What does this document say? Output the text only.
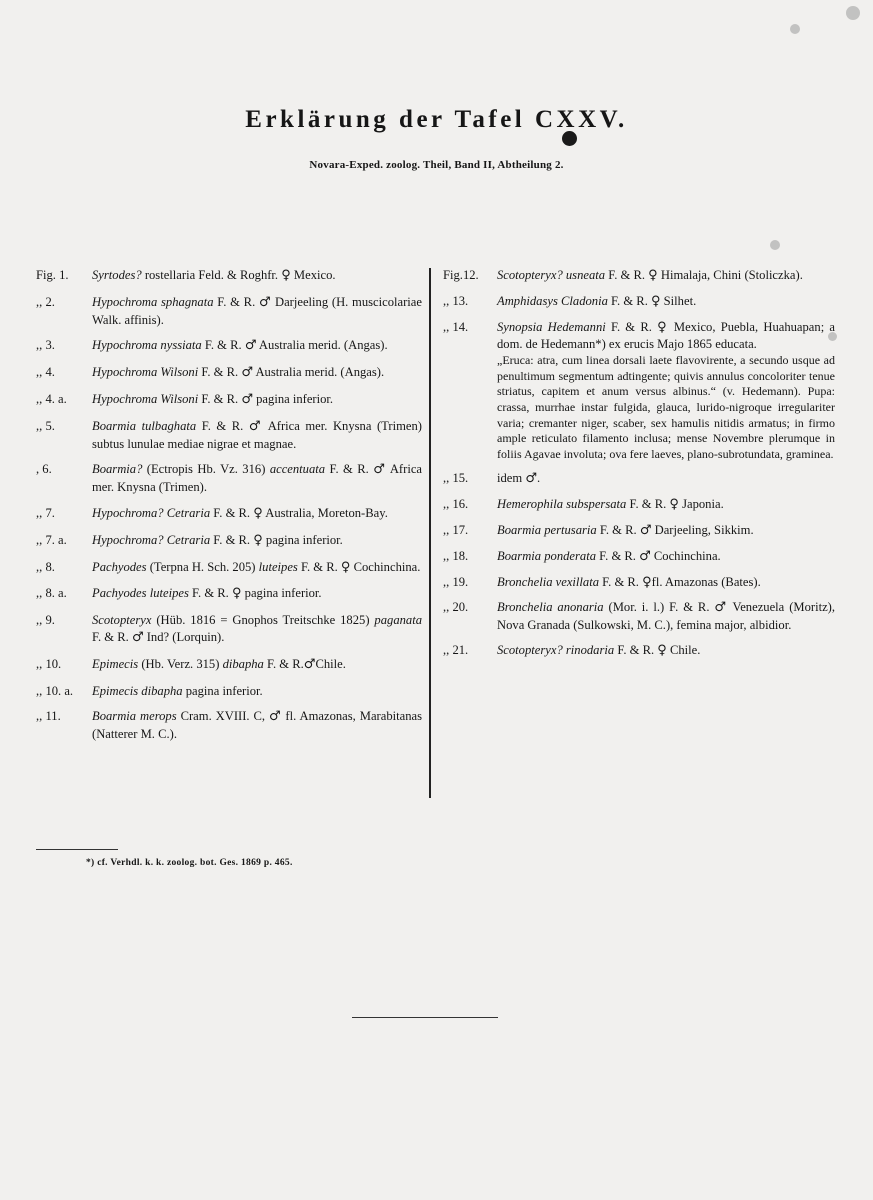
Erklärung der Tafel CXXV.
Novara-Exped. zoolog. Theil, Band II, Abtheilung 2.
Fig. 1.	Syrtodes? rostellaria Feld. & Roghfr. ♀ Mexico.
,, 2.	Hypochroma sphagnata F. & R. ♂ Darjeeling (H. muscicolariae Walk. affinis).
,, 3.	Hypochroma nyssiata F. & R. ♂ Australia merid. (Angas).
,, 4.	Hypochroma Wilsoni F. & R. ♂ Australia merid. (Angas).
,, 4. a.	Hypochroma Wilsoni F. & R. ♂ pagina inferior.
,, 5.	Boarmia tulbaghata F. & R. ♂ Africa mer. Knysna (Trimen) subtus lunulae mediae nigrae et magnae.
, 6.	Boarmia? (Ectropis Hb. Vz. 316) accentuata F. & R. ♂ Africa mer. Knysna (Trimen).
,, 7.	Hypochroma? Cetraria F. & R. ♀ Australia, Moreton-Bay.
,, 7. a.	Hypochroma? Cetraria F. & R. ♀ pagina inferior.
,, 8.	Pachyodes (Terpna H. Sch. 205) luteipes F. & R. ♀ Cochinchina.
,, 8. a.	Pachyodes luteipes F. & R. ♀ pagina inferior.
,, 9.	Scotopteryx (Hüb. 1816 = Gnophos Treitschke 1825) paganata F. & R. ♂ Ind? (Lorquin).
,, 10.	Epimecis (Hb. Verz. 315) dibapha F. & R.♂Chile.
,, 10. a.	Epimecis dibapha pagina inferior.
,, 11.	Boarmia merops Cram. XVIII. C, ♂ fl. Amazonas, Marabitanas (Natterer M. C.).
Fig.12.	Scotopteryx? usneata F. & R. ♀ Himalaja, Chini (Stoliczka).
,, 13.	Amphidasys Cladonia F. & R. ♀ Silhet.
,, 14.	Synopsia Hedemanni F. & R. ♀ Mexico, Puebla, Huahuapan; a dom. de Hedemann*) ex erucis Majo 1865 educata.
„Eruca: atra, cum linea dorsali laete flavovirente, a secundo usque ad penultimum segmentum adtingente; quivis annulus concoloriter tenue striatus, capitem et anum versus albinus.“ (v. Hedemann). Pupa: crassa, murrhae instar fulgida, glauca, lurido-nigroque irregulariter varia; cremanter niger, scaber, sex hamulis nitidis armatus; in firmo ample reticulato filamento inclusa; mense Novembre plerumque in foliis Agavae involuta; ova fere laeves, plano-subrotundata, graminea.
,, 15.	idem ♂.
,, 16.	Hemerophila subspersata F. & R. ♀ Japonia.
,, 17.	Boarmia pertusaria F. & R. ♂ Darjeeling, Sikkim.
,, 18.	Boarmia ponderata F. & R. ♂ Cochinchina.
,, 19.	Bronchelia vexillata F. & R. ♀fl. Amazonas (Bates).
,, 20.	Bronchelia anonaria (Mor. i. l.) F. & R. ♂ Venezuela (Moritz), Nova Granada (Sulkowski, M. C.), femina major, albidior.
,, 21.	Scotopteryx? rinodaria F. & R. ♀ Chile.
*) cf. Verhdl. k. k. zoolog. bot. Ges. 1869 p. 465.
